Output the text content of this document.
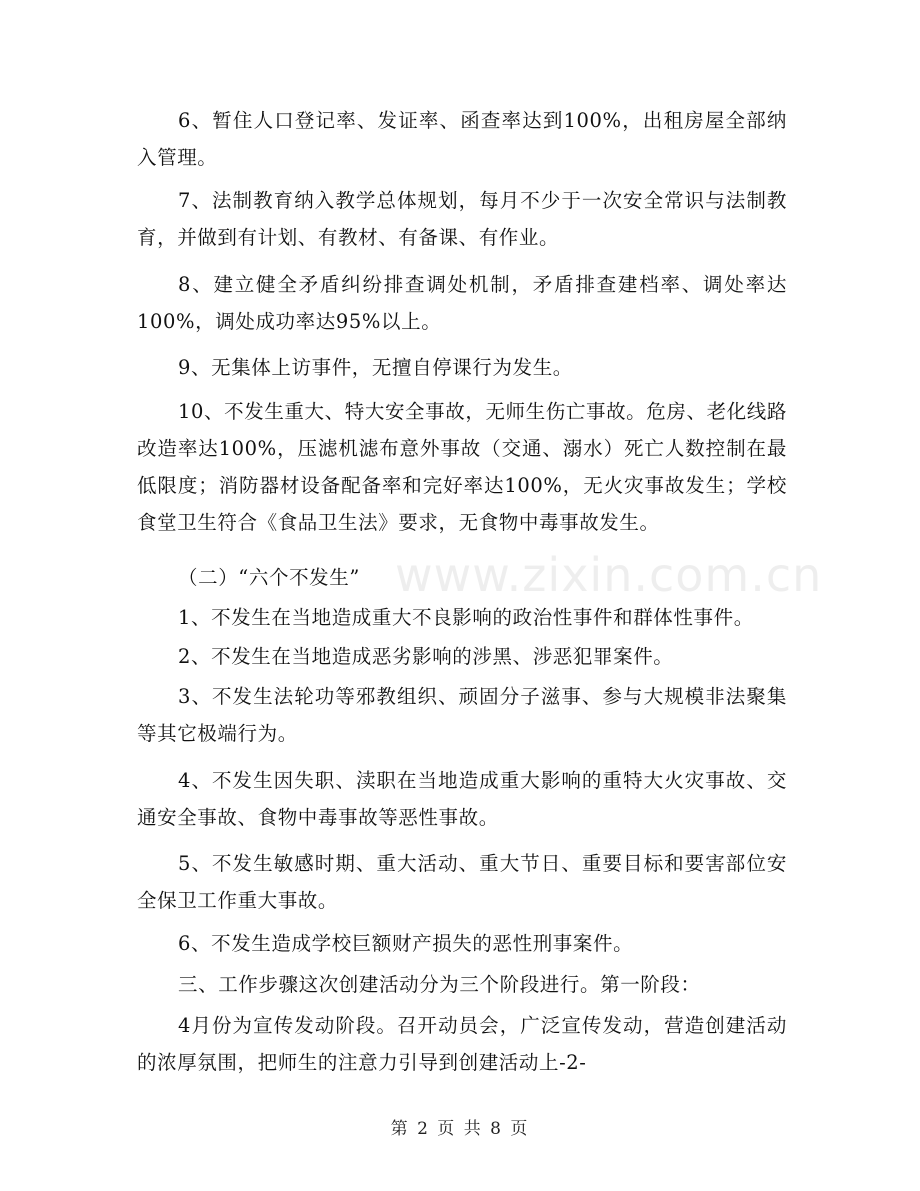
6、暂住人口登记率、发证率、函查率达到100%，出租房屋全部纳入管理。

7、法制教育纳入教学总体规划，每月不少于一次安全常识与法制教育，并做到有计划、有教材、有备课、有作业。

8、建立健全矛盾纠纷排查调处机制，矛盾排查建档率、调处率达100%，调处成功率达95%以上。

9、无集体上访事件，无擅自停课行为发生。

10、不发生重大、特大安全事故，无师生伤亡事故。危房、老化线路改造率达100%，压滤机滤布意外事故（交通、溺水）死亡人数控制在最低限度；消防器材设备配备率和完好率达100%，无火灾事故发生；学校食堂卫生符合《食品卫生法》要求，无食物中毒事故发生。

（二）“六个不发生”

1、不发生在当地造成重大不良影响的政治性事件和群体性事件。

2、不发生在当地造成恶劣影响的涉黑、涉恶犯罪案件。

3、不发生法轮功等邪教组织、顽固分子滋事、参与大规模非法聚集等其它极端行为。

4、不发生因失职、渎职在当地造成重大影响的重特大火灾事故、交通安全事故、食物中毒事故等恶性事故。

5、不发生敏感时期、重大活动、重大节日、重要目标和要害部位安全保卫工作重大事故。

6、不发生造成学校巨额财产损失的恶性刑事案件。

三、工作步骤这次创建活动分为三个阶段进行。第一阶段：

4月份为宣传发动阶段。召开动员会，广泛宣传发动，营造创建活动的浓厚氛围，把师生的注意力引导到创建活动上-2-

www.zixin.com.cn
第 2 页 共 8 页
